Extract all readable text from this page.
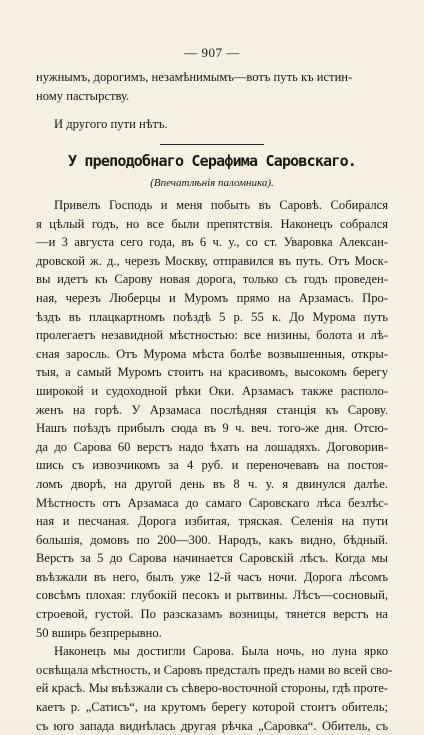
— 907 —
нужнымъ, дорогимъ, незамѣнимымъ—вотъ путь къ истин-
ному пастырству.
И другого пути нѣтъ.
У преподобнаго Серафима Саровскаго.
(Впечатлѣнія паломника).
Привелъ Господь и меня побыть въ Саровѣ. Собирался
я цѣлый годъ, но все были препятствія. Наконецъ собрался
—и 3 августа сего года, въ 6 ч. у., со ст. Уваровка Алексан-
дровской ж. д., черезъ Москву, отправился въ путь. Отъ Моск-
вы идетъ къ Сарову новая дорога, только съ годъ проведен-
ная, черезъ Люберцы и Муромъ прямо на Арзамасъ. Про-
ѣздъ въ плацкартномъ поѣздѣ 5 р. 55 к. До Мурома путь
пролегаетъ незавидной мѣстностью: все низины, болота и лѣ-
сная заросль. Отъ Мурома мѣста болѣе возвышенныя, откры-
тыя, а самый Муромъ стоитъ на красивомъ, высокомъ берегу
широкой и судоходной рѣки Оки. Арзамасъ также располо-
женъ на горѣ. У Арзамаса послѣдняя станція къ Сарову.
Нашъ поѣздъ прибылъ сюда въ 9 ч. веч. того-же дня. Отсю-
да до Сарова 60 верстъ надо ѣхать на лошадяхъ. Договорив-
шись съ извозчикомъ за 4 руб. и переночевавъ на постоя-
ломъ дворѣ, на другой день въ 8 ч. у. я двинулся далѣе.
Мѣстность отъ Арзамаса до самаго Саровскаго лѣса безлѣс-
ная и песчаная. Дорога избитая, тряская. Селенія на пути
большія, домовъ по 200—300. Народъ, какъ видно, бѣдный.
Верстъ за 5 до Сарова начинается Саровскій лѣсъ. Когда мы
въѣзжали въ него, былъ уже 12-й часъ ночи. Дорога лѣсомъ
совсѣмъ плохая: глубокій песокъ и рытвины. Лѣсъ—сосновый,
строевой, густой. По разсказамъ возницы, тянется верстъ на
50 вширь безпрерывно.
Наконецъ мы достигли Сарова. Была ночь, но луна ярко
освѣщала мѣстность, и Саровъ предсталъ предъ нами во всей сво-
ей красѣ. Мы въѣзжали съ сѣверо-восточной стороны, гдѣ проте-
каетъ р. „Сатисъ“, на крутомъ берегу которой стоитъ обитель;
съ юго запада виднѣлась другая рѣчка „Саровка“. Обитель, съ
